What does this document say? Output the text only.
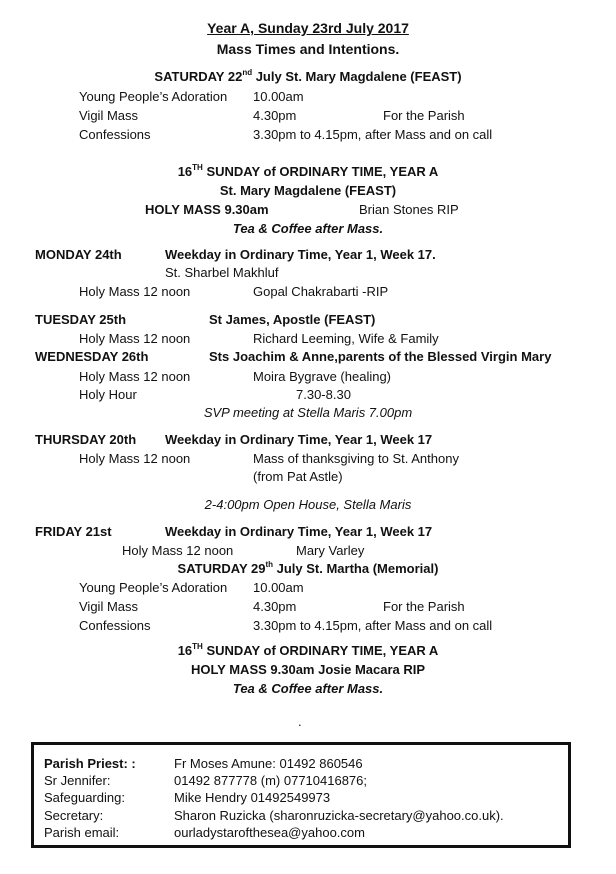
Year A, Sunday 23rd July 2017
Mass Times and Intentions.
SATURDAY 22nd July St. Mary Magdalene (FEAST)
Young People’s Adoration 10.00am
Vigil Mass	4.30pm	For the Parish
Confessions	3.30pm to 4.15pm, after Mass and on call
16TH SUNDAY of ORDINARY TIME, YEAR A
St. Mary Magdalene (FEAST)
HOLY MASS 9.30am	Brian Stones RIP
Tea & Coffee after Mass.
MONDAY 24th	Weekday in Ordinary Time, Year 1, Week 17.
St. Sharbel Makhluf
Holy Mass 12 noon	Gopal Chakrabarti -RIP
TUESDAY 25th	St James, Apostle (FEAST)
Holy Mass 12 noon	Richard Leeming, Wife & Family
WEDNESDAY 26th	Sts Joachim & Anne,parents of the Blessed Virgin Mary
Holy Mass 12 noon	Moira Bygrave (healing)
Holy Hour	7.30-8.30
SVP meeting at Stella Maris 7.00pm
THURSDAY 20th Weekday in Ordinary Time, Year 1, Week 17
Holy Mass 12 noon	Mass of thanksgiving to St. Anthony
(from Pat Astle)
2-4:00pm Open House, Stella Maris
FRIDAY 21st	Weekday in Ordinary Time, Year 1, Week 17
Holy Mass 12 noon	Mary Varley
SATURDAY 29th July St. Martha (Memorial)
Young People’s Adoration 10.00am
Vigil Mass	4.30pm	For the Parish
Confessions	3.30pm to 4.15pm, after Mass and on call
16TH SUNDAY of ORDINARY TIME, YEAR A
HOLY MASS 9.30am Josie Macara RIP
Tea & Coffee after Mass.
.
Parish Priest: :	Fr Moses Amune: 01492 860546
Sr Jennifer:	01492 877778 (m) 07710416876;
Safeguarding:	Mike Hendry 01492549973
Secretary:	Sharon Ruzicka (sharonruzicka-secretary@yahoo.co.uk).
Parish email:	ourladystaroftheseа@yahoo.com
